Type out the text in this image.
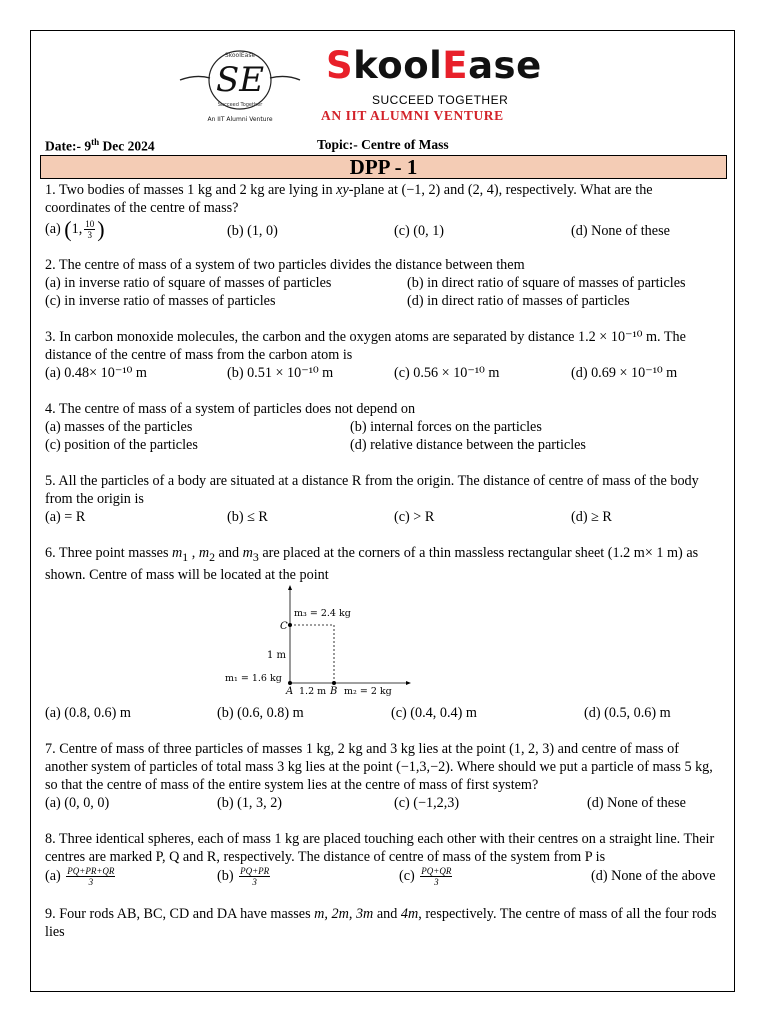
SE
SkoolEase
Succeed Together
An IIT Alumni Venture
SkoolEase
SUCCEED TOGETHER
AN IIT ALUMNI VENTURE
Date:- 9th Dec 2024	Topic:- Centre of Mass
DPP - 1

1. Two bodies of masses 1 kg and 2 kg are lying in xy-plane at (−1, 2) and (2, 4), respectively. What are the coordinates of the centre of mass?

(a) (1, $\frac{10}{3}$ )	(b) (1, 0)	(c) (0, 1)	(d) None of these

2. The centre of mass of a system of two particles divides the distance between them

(a) in inverse ratio of square of masses of particles	(b) in direct ratio of square of masses of particles
(c) in inverse ratio of masses of particles	(d) in direct ratio of masses of particles

3. In carbon monoxide molecules, the carbon and the oxygen atoms are separated by distance 1.2 × 10⁻¹⁰ m. The distance of the centre of mass from the carbon atom is

(a) 0.48× 10⁻¹⁰ m	(b) 0.51 × 10⁻¹⁰ m	(c) 0.56 × 10⁻¹⁰ m	(d) 0.69 × 10⁻¹⁰ m

4. The centre of mass of a system of particles does not depend on

(a) masses of the particles	(b) internal forces on the particles
(c) position of the particles	(d) relative distance between the particles

5. All the particles of a body are situated at a distance R from the origin. The distance of centre of mass of the body from the origin is

(a) = R	(b) ≤ R	(c) > R	(d) ≥ R

6. Three point masses $m_1$ , $m_2$ and $m_3$ are placed at the corners of a thin massless rectangular sheet (1.2 m× 1 m) as shown. Centre of mass will be located at the point

m₃ = 2.4 kg
C
1 m
m₁ = 1.6 kg
A 1.2 m B m₂ = 2 kg
(a) (0.8, 0.6) m	(b) (0.6, 0.8) m	(c) (0.4, 0.4) m	(d) (0.5, 0.6) m

7. Centre of mass of three particles of masses 1 kg, 2 kg and 3 kg lies at the point (1, 2, 3) and centre of mass of another system of particles of total mass 3 kg lies at the point (−1,3,−2). Where should we put a particle of mass 5 kg, so that the centre of mass of the entire system lies at the centre of mass of first system?

(a) (0, 0, 0)	(b) (1, 3, 2)	(c) (−1,2,3)	(d) None of these

8. Three identical spheres, each of mass 1 kg are placed touching each other with their centres on a straight line. Their centres are marked P, Q and R, respectively. The distance of centre of mass of the system from P is

$(a) \frac{PQ+PR+QR}{3}$	$(b) \frac{PQ+PR}{3}$	$(c) \frac{PQ+QR}{3}$	(d) None of the above

9. Four rods AB, BC, CD and DA have masses m, 2m, 3m and 4m, respectively. The centre of mass of all the four rods lies
